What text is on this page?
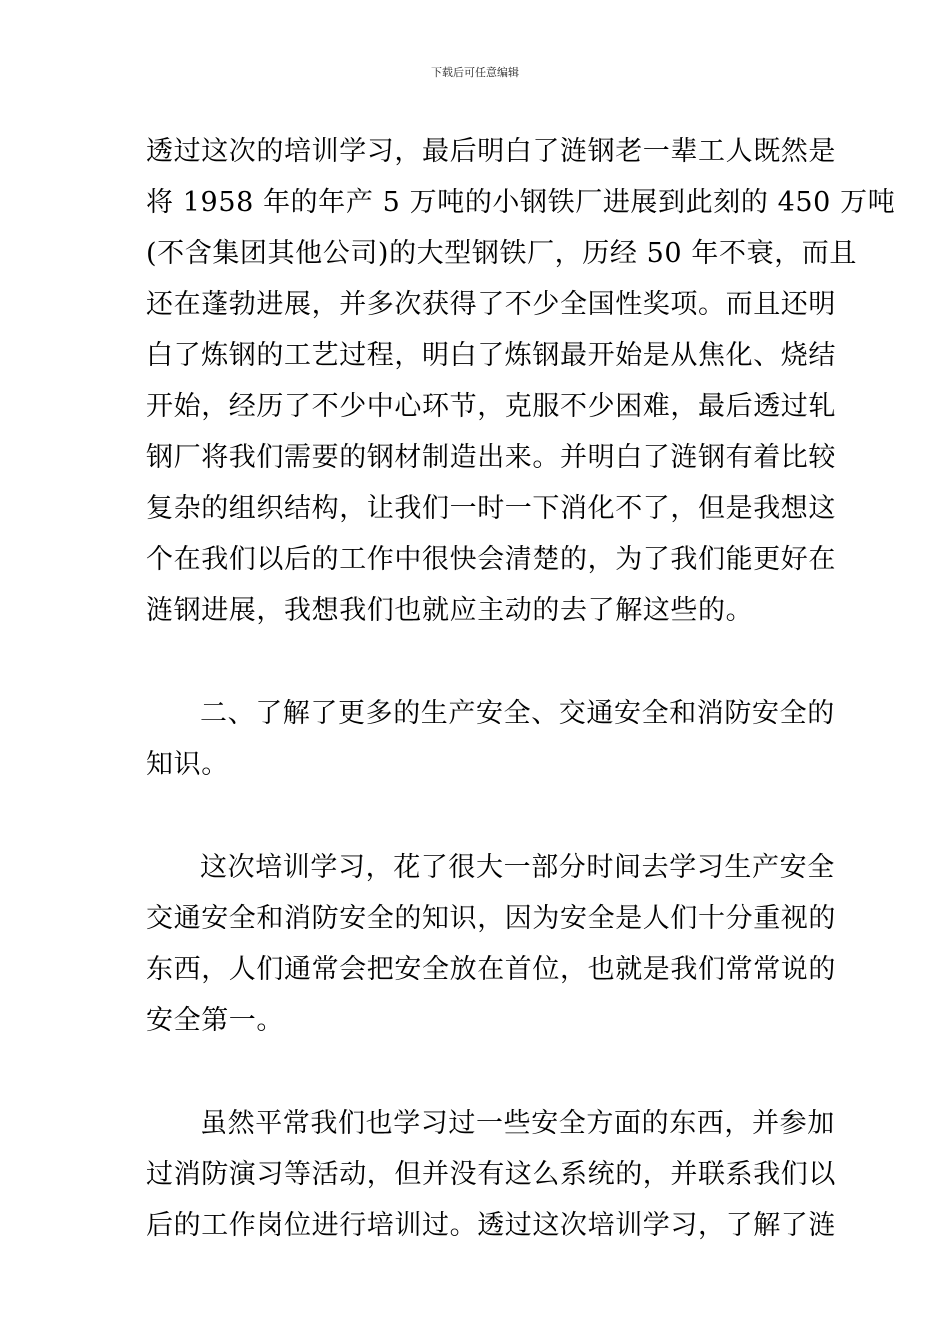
下载后可任意编辑
透过这次的培训学习，最后明白了涟钢老一辈工人既然是
将 1958 年的年产 5 万吨的小钢铁厂进展到此刻的 450 万吨
(不含集团其他公司)的大型钢铁厂，历经 50 年不衰，而且
还在蓬勃进展，并多次获得了不少全国性奖项。而且还明
白了炼钢的工艺过程，明白了炼钢最开始是从焦化、烧结
开始，经历了不少中心环节，克服不少困难，最后透过轧
钢厂将我们需要的钢材制造出来。并明白了涟钢有着比较
复杂的组织结构，让我们一时一下消化不了，但是我想这
个在我们以后的工作中很快会清楚的，为了我们能更好在
涟钢进展，我想我们也就应主动的去了解这些的。
二、了解了更多的生产安全、交通安全和消防安全的
知识。
这次培训学习，花了很大一部分时间去学习生产安全
交通安全和消防安全的知识，因为安全是人们十分重视的
东西，人们通常会把安全放在首位，也就是我们常常说的
安全第一。
虽然平常我们也学习过一些安全方面的东西，并参加
过消防演习等活动，但并没有这么系统的，并联系我们以
后的工作岗位进行培训过。透过这次培训学习，了解了涟
